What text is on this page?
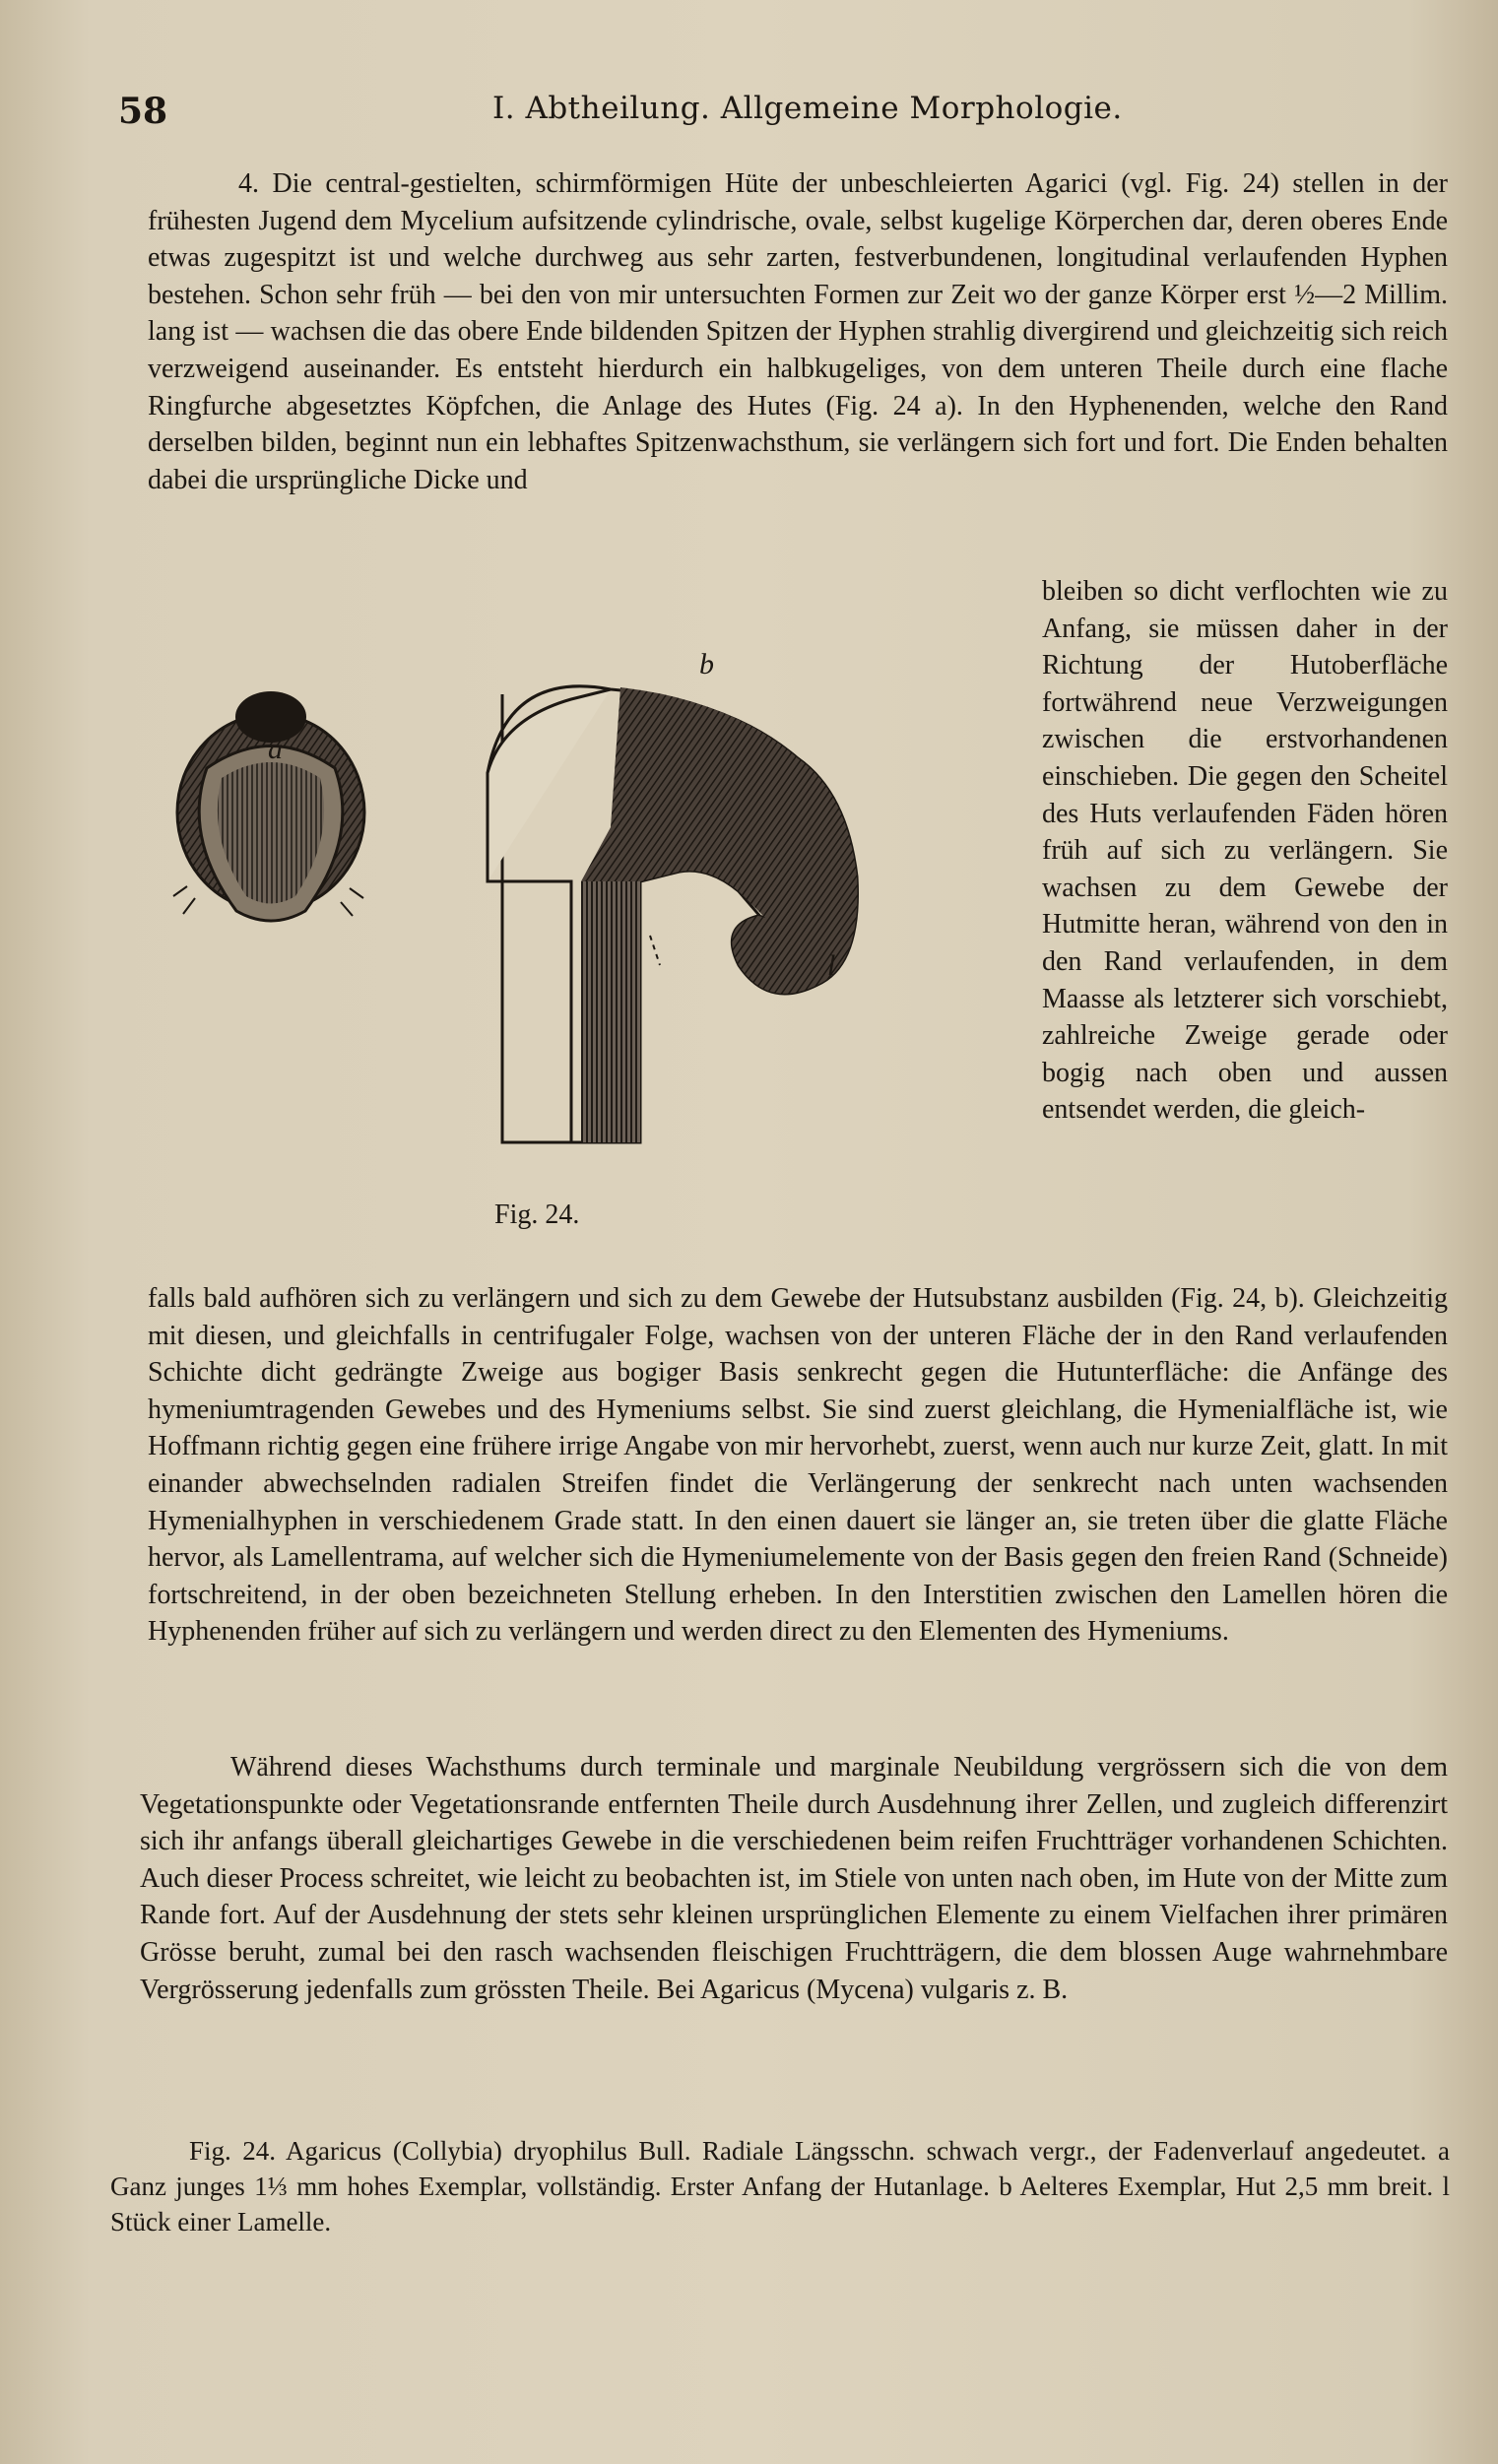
58	I. Abtheilung. Allgemeine Morphologie.

4. Die central-gestielten, schirmförmigen Hüte der unbeschleierten Agarici (vgl. Fig. 24) stellen in der frühesten Jugend dem Mycelium aufsitzende cylindrische, ovale, selbst kugelige Körperchen dar, deren oberes Ende etwas zugespitzt ist und welche durchweg aus sehr zarten, festverbundenen, longitudinal verlaufenden Hyphen bestehen. Schon sehr früh — bei den von mir untersuchten Formen zur Zeit wo der ganze Körper erst ½—2 Millim. lang ist — wachsen die das obere Ende bildenden Spitzen der Hyphen strahlig divergirend und gleichzeitig sich reich verzweigend auseinander. Es entsteht hierdurch ein halbkugeliges, von dem unteren Theile durch eine flache Ringfurche abgesetztes Köpfchen, die Anlage des Hutes (Fig. 24 a). In den Hyphenenden, welche den Rand derselben bilden, beginnt nun ein lebhaftes Spitzenwachsthum, sie verlängern sich fort und fort. Die Enden behalten dabei die ursprüngliche Dicke und

a
b
l
Fig. 24.

bleiben so dicht verflochten wie zu Anfang, sie müssen daher in der Richtung der Hutoberfläche fortwährend neue Verzweigungen zwischen die erstvorhandenen einschieben. Die gegen den Scheitel des Huts verlaufenden Fäden hören früh auf sich zu verlängern. Sie wachsen zu dem Gewebe der Hutmitte heran, während von den in den Rand verlaufenden, in dem Maasse als letzterer sich vorschiebt, zahlreiche Zweige gerade oder bogig nach oben und aussen entsendet werden, die gleich-

falls bald aufhören sich zu verlängern und sich zu dem Gewebe der Hutsubstanz ausbilden (Fig. 24, b). Gleichzeitig mit diesen, und gleichfalls in centrifugaler Folge, wachsen von der unteren Fläche der in den Rand verlaufenden Schichte dicht gedrängte Zweige aus bogiger Basis senkrecht gegen die Hutunterfläche: die Anfänge des hymeniumtragenden Gewebes und des Hymeniums selbst. Sie sind zuerst gleichlang, die Hymenialfläche ist, wie Hoffmann richtig gegen eine frühere irrige Angabe von mir hervorhebt, zuerst, wenn auch nur kurze Zeit, glatt. In mit einander abwechselnden radialen Streifen findet die Verlängerung der senkrecht nach unten wachsenden Hymenialhyphen in verschiedenem Grade statt. In den einen dauert sie länger an, sie treten über die glatte Fläche hervor, als Lamellentrama, auf welcher sich die Hymeniumelemente von der Basis gegen den freien Rand (Schneide) fortschreitend, in der oben bezeichneten Stellung erheben. In den Interstitien zwischen den Lamellen hören die Hyphenenden früher auf sich zu verlängern und werden direct zu den Elementen des Hymeniums.

Während dieses Wachsthums durch terminale und marginale Neubildung vergrössern sich die von dem Vegetationspunkte oder Vegetationsrande entfernten Theile durch Ausdehnung ihrer Zellen, und zugleich differenzirt sich ihr anfangs überall gleichartiges Gewebe in die verschiedenen beim reifen Fruchtträger vorhandenen Schichten. Auch dieser Process schreitet, wie leicht zu beobachten ist, im Stiele von unten nach oben, im Hute von der Mitte zum Rande fort. Auf der Ausdehnung der stets sehr kleinen ursprünglichen Elemente zu einem Vielfachen ihrer primären Grösse beruht, zumal bei den rasch wachsenden fleischigen Fruchtträgern, die dem blossen Auge wahrnehmbare Vergrösserung jedenfalls zum grössten Theile. Bei Agaricus (Mycena) vulgaris z. B.

Fig. 24. Agaricus (Collybia) dryophilus Bull. Radiale Längsschn. schwach vergr., der Fadenverlauf angedeutet. a Ganz junges 1⅓ mm hohes Exemplar, vollständig. Erster Anfang der Hutanlage. b Aelteres Exemplar, Hut 2,5 mm breit. l Stück einer Lamelle.
